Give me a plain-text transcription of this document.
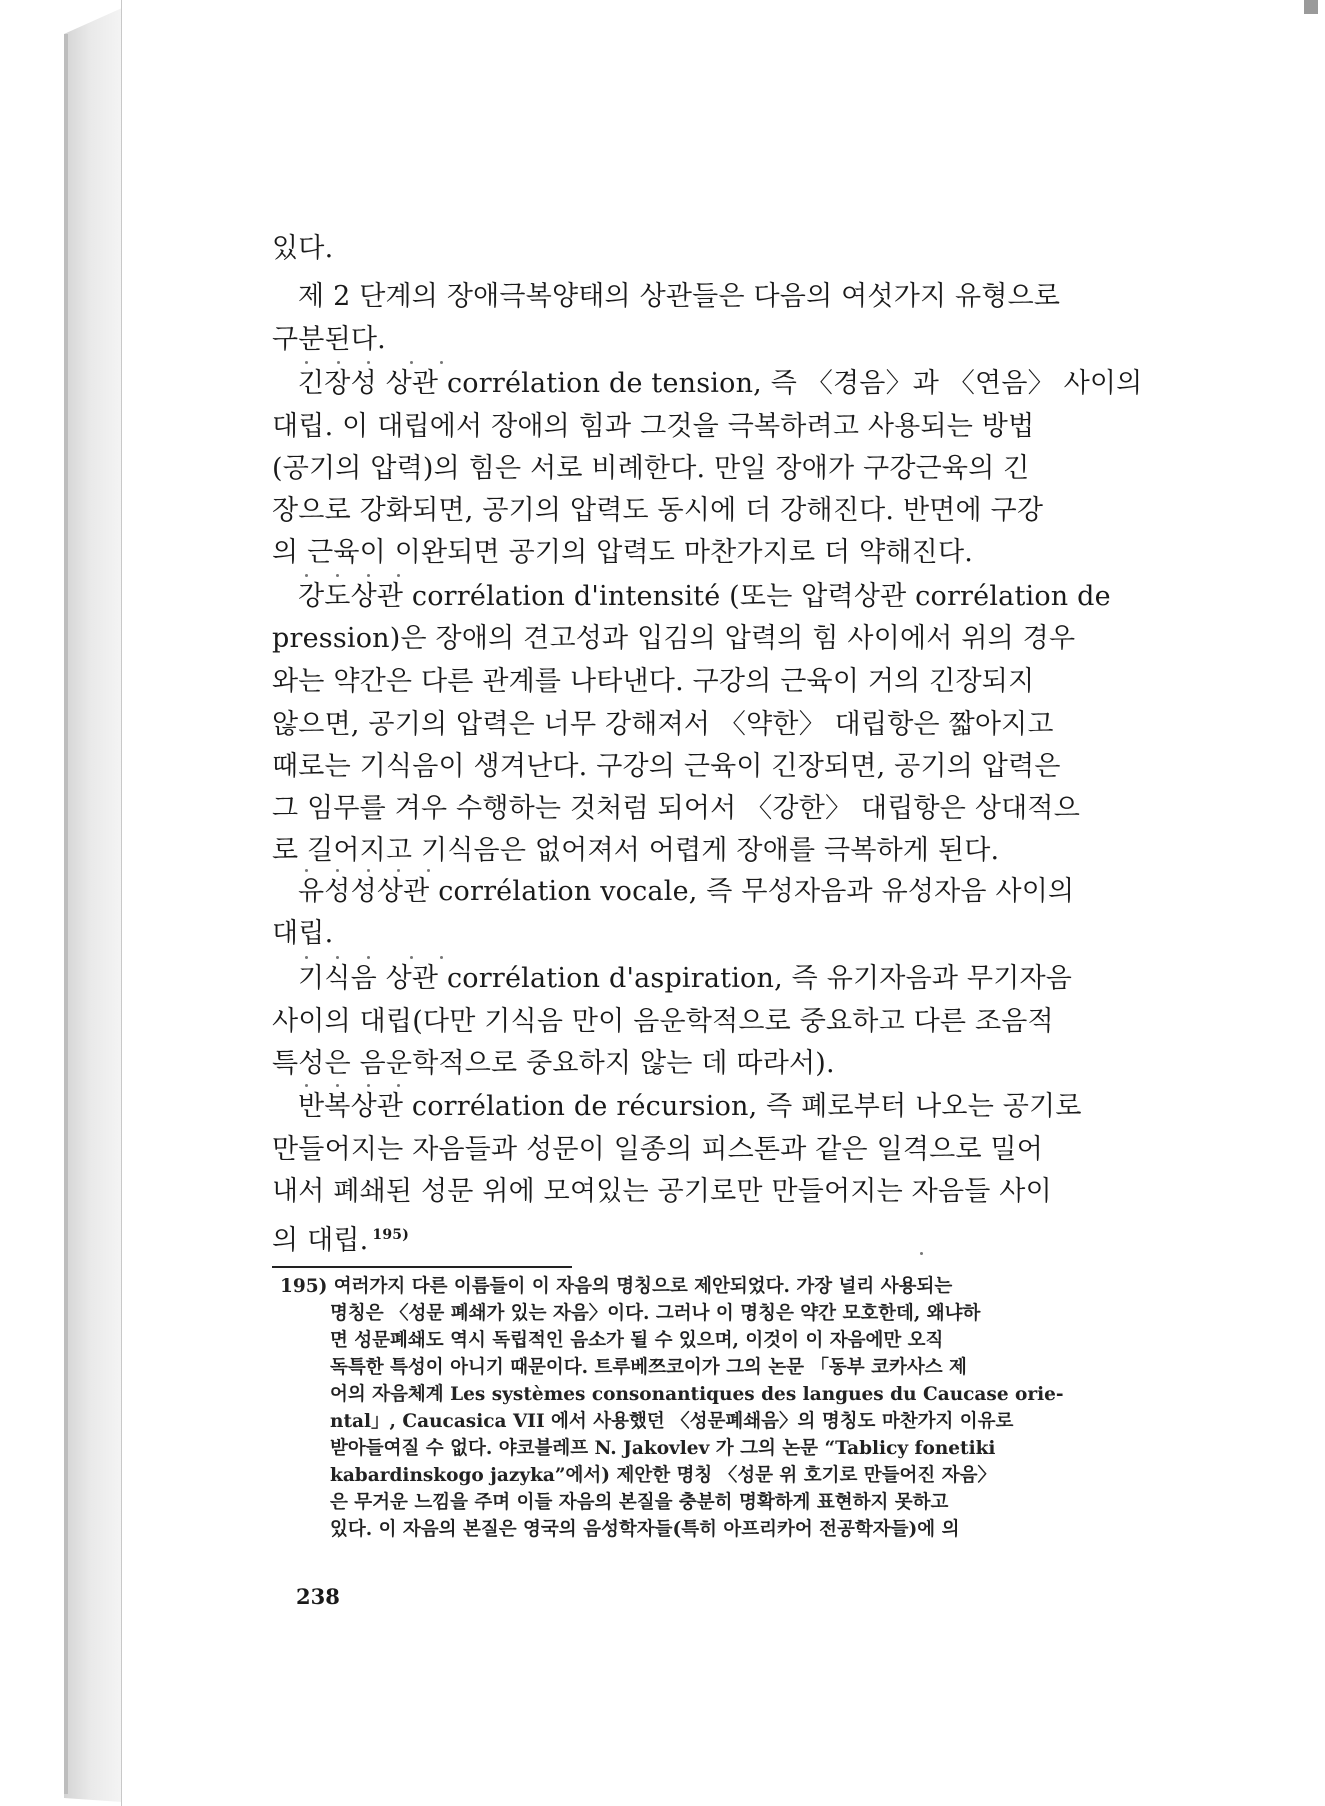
있다.
제 2 단계의 장애극복양태의 상관들은 다음의 여섯가지 유형으로
구분된다.
긴장성 상관 corrélation de tension, 즉 〈경음〉과 〈연음〉 사이의
대립. 이 대립에서 장애의 힘과 그것을 극복하려고 사용되는 방법
(공기의 압력)의 힘은 서로 비례한다. 만일 장애가 구강근육의 긴
장으로 강화되면, 공기의 압력도 동시에 더 강해진다. 반면에 구강
의 근육이 이완되면 공기의 압력도 마찬가지로 더 약해진다.
강도상관 corrélation d'intensité (또는 압력상관 corrélation de
pression)은 장애의 견고성과 입김의 압력의 힘 사이에서 위의 경우
와는 약간은 다른 관계를 나타낸다. 구강의 근육이 거의 긴장되지
않으면, 공기의 압력은 너무 강해져서 〈약한〉 대립항은 짧아지고
때로는 기식음이 생겨난다. 구강의 근육이 긴장되면, 공기의 압력은
그 임무를 겨우 수행하는 것처럼 되어서 〈강한〉 대립항은 상대적으
로 길어지고 기식음은 없어져서 어렵게 장애를 극복하게 된다.
유성성상관 corrélation vocale, 즉 무성자음과 유성자음 사이의
대립.
기식음 상관 corrélation d'aspiration, 즉 유기자음과 무기자음
사이의 대립(다만 기식음 만이 음운학적으로 중요하고 다른 조음적
특성은 음운학적으로 중요하지 않는 데 따라서).
반복상관 corrélation de récursion, 즉 폐로부터 나오는 공기로
만들어지는 자음들과 성문이 일종의 피스톤과 같은 일격으로 밀어
내서 폐쇄된 성문 위에 모여있는 공기로만 만들어지는 자음들 사이
의 대립. $^{195)}$
195) 여러가지 다른 이름들이 이 자음의 명칭으로 제안되었다. 가장 널리 사용되는
명칭은 〈성문 폐쇄가 있는 자음〉이다. 그러나 이 명칭은 약간 모호한데, 왜냐하
면 성문폐쇄도 역시 독립적인 음소가 될 수 있으며, 이것이 이 자음에만 오직
독특한 특성이 아니기 때문이다. 트루베쯔코이가 그의 논문 「동부 코카사스 제
어의 자음체계 Les systèmes consonantiques des langues du Caucase orie-
ntal」, Caucasica VII 에서 사용했던 〈성문폐쇄음〉의 명칭도 마찬가지 이유로
받아들여질 수 없다. 야코블레프 N. Jakovlev 가 그의 논문 “Tablicy fonetiki
kabardinskogo jazyka”에서) 제안한 명칭 〈성문 위 호기로 만들어진 자음〉
은 무거운 느낌을 주며 이들 자음의 본질을 충분히 명확하게 표현하지 못하고
있다. 이 자음의 본질은 영국의 음성학자들(특히 아프리카어 전공학자들)에 의
238
